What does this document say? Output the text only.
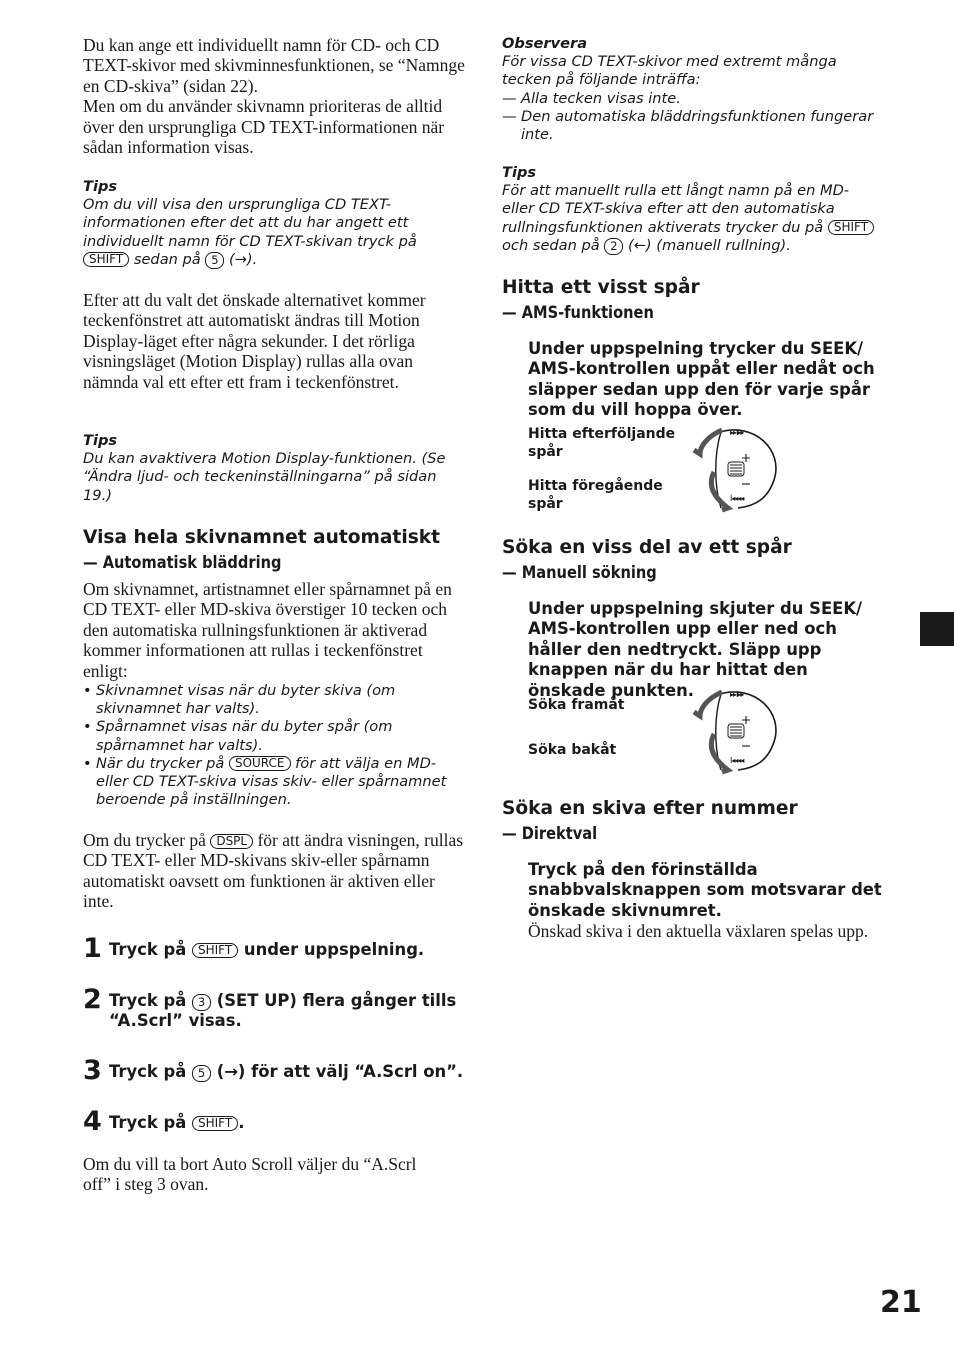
Du kan ange ett individuellt namn för CD- och CD TEXT-skivor med skivminnesfunktionen, se “Namnge en CD-skiva” (sidan 22).
Men om du använder skivnamn prioriteras de alltid över den ursprungliga CD TEXT-informationen när sådan information visas.
Tips
Om du vill visa den ursprungliga CD TEXT-informationen efter det att du har angett ett individuellt namn för CD TEXT-skivan tryck på SHIFT sedan på 5 (→).
Efter att du valt det önskade alternativet kommer teckenfönstret att automatiskt ändras till Motion Display-läget efter några sekunder. I det rörliga visningsläget (Motion Display) rullas alla ovan nämnda val ett efter ett fram i teckenfönstret.
Tips
Du kan avaktivera Motion Display-funktionen. (Se “Ändra ljud- och teckeninställningarna” på sidan 19.)
Visa hela skivnamnet automatiskt
— Automatisk bläddring
Om skivnamnet, artistnamnet eller spårnamnet på en CD TEXT- eller MD-skiva överstiger 10 tecken och den automatiska rullningsfunktionen är aktiverad kommer informationen att rullas i teckenfönstret enligt:
• Skivnamnet visas när du byter skiva (om skivnamnet har valts).
• Spårnamnet visas när du byter spår (om spårnamnet har valts).
• När du trycker på SOURCE för att välja en MD- eller CD TEXT-skiva visas skiv- eller spårnamnet beroende på inställningen.
Om du trycker på DSPL för att ändra visningen, rullas CD TEXT- eller MD-skivans skiv-eller spårnamn automatiskt oavsett om funktionen är aktiven eller inte.
1 Tryck på SHIFT under uppspelning.
2 Tryck på 3 (SET UP) flera gånger tills “A.Scrl” visas.
3 Tryck på 5 (→) för att välj “A.Scrl on”.
4 Tryck på SHIFT .
Om du vill ta bort Auto Scroll väljer du “A.Scrl off” i steg 3 ovan.
Observera
För vissa CD TEXT-skivor med extremt många tecken på följande inträffa:
— Alla tecken visas inte.
— Den automatiska bläddringsfunktionen fungerar inte.
Tips
För att manuellt rulla ett långt namn på en MD- eller CD TEXT-skiva efter att den automatiska rullningsfunktionen aktiverats trycker du på SHIFT och sedan på 2 (←) (manuell rullning).
Hitta ett visst spår
— AMS-funktionen
Under uppspelning trycker du SEEK/ AMS-kontrollen uppåt eller nedåt och släpper sedan upp den för varje spår som du vill hoppa över.
Hitta efterföljande spår
Hitta föregående spår
▸▸I▸▸
I◂◂◂◂
Söka en viss del av ett spår
— Manuell sökning
Under uppspelning skjuter du SEEK/ AMS-kontrollen upp eller ned och håller den nedtryckt. Släpp upp knappen när du har hittat den önskade punkten.
Söka framåt
Söka bakåt
▸▸I▸▸
I◂◂◂◂
Söka en skiva efter nummer
— Direktval
Tryck på den förinställda snabbvalsknappen som motsvarar det önskade skivnumret.
Önskad skiva i den aktuella växlaren spelas upp.
21
